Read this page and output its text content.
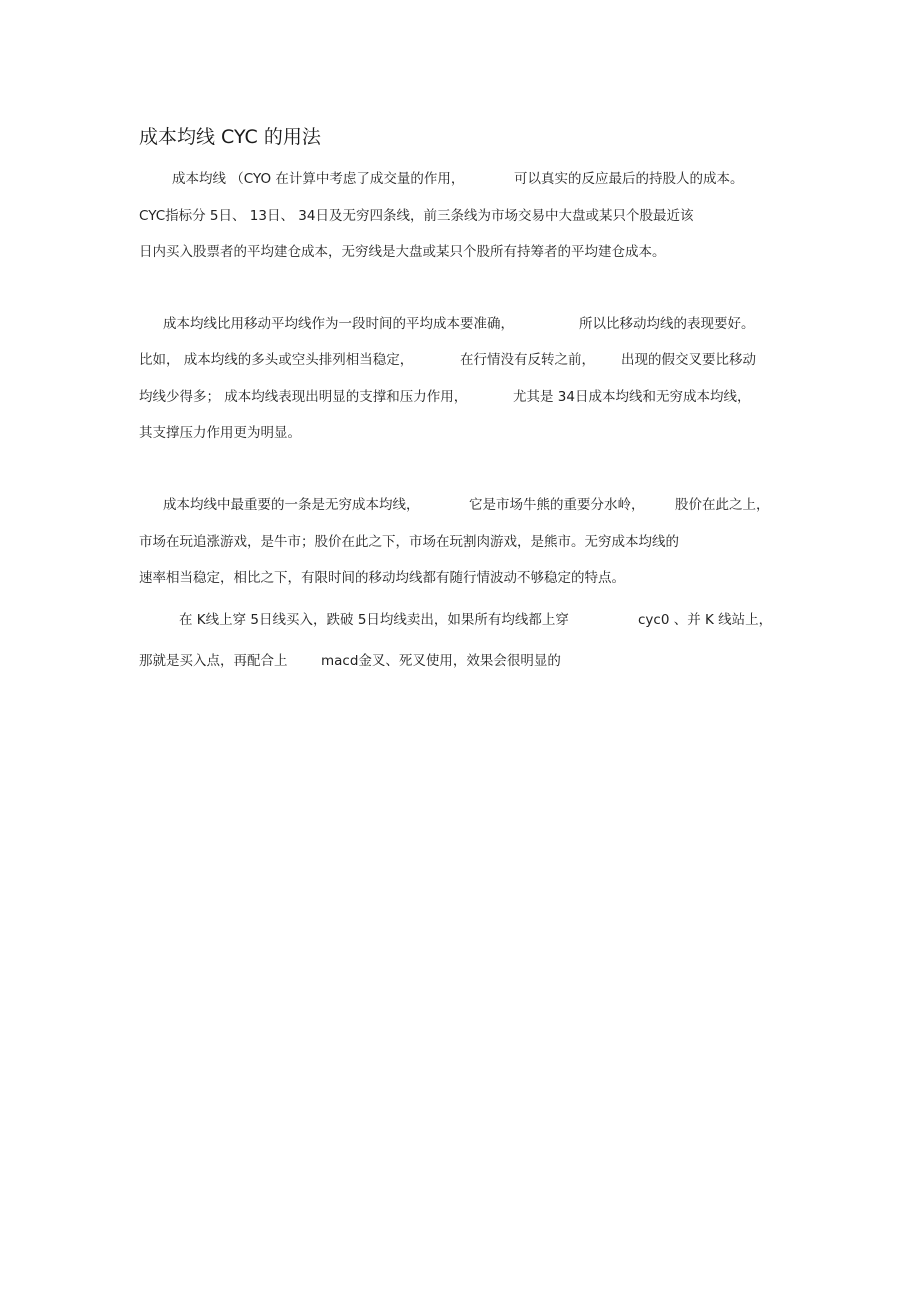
成本均线 CYC 的用法
成本均线 （CYO 在计算中考虑了成交量的作用，	可以真实的反应最后的持股人的成本。
CYC指标分 5日、 13日、 34日及无穷四条线，前三条线为市场交易中大盘或某只个股最近该
日内买入股票者的平均建仓成本，无穷线是大盘或某只个股所有持筹者的平均建仓成本。
成本均线比用移动平均线作为一段时间的平均成本要准确，	所以比移动均线的表现要好。
比如， 成本均线的多头或空头排列相当稳定，	在行情没有反转之前， 出现的假交叉要比移动
均线少得多； 成本均线表现出明显的支撑和压力作用，	尤其是 34日成本均线和无穷成本均线，
其支撑压力作用更为明显。
成本均线中最重要的一条是无穷成本均线，	它是市场牛熊的重要分水岭， 股价在此之上，
市场在玩追涨游戏，是牛市；股价在此之下，市场在玩割肉游戏，是熊市。无穷成本均线的
速率相当稳定，相比之下，有限时间的移动均线都有随行情波动不够稳定的特点。
在 K线上穿 5日线买入，跌破 5日均线卖出，如果所有均线都上穿	cyc0 、并 K 线站上，
那就是买入点，再配合上 macd金叉、死叉使用，效果会很明显的
